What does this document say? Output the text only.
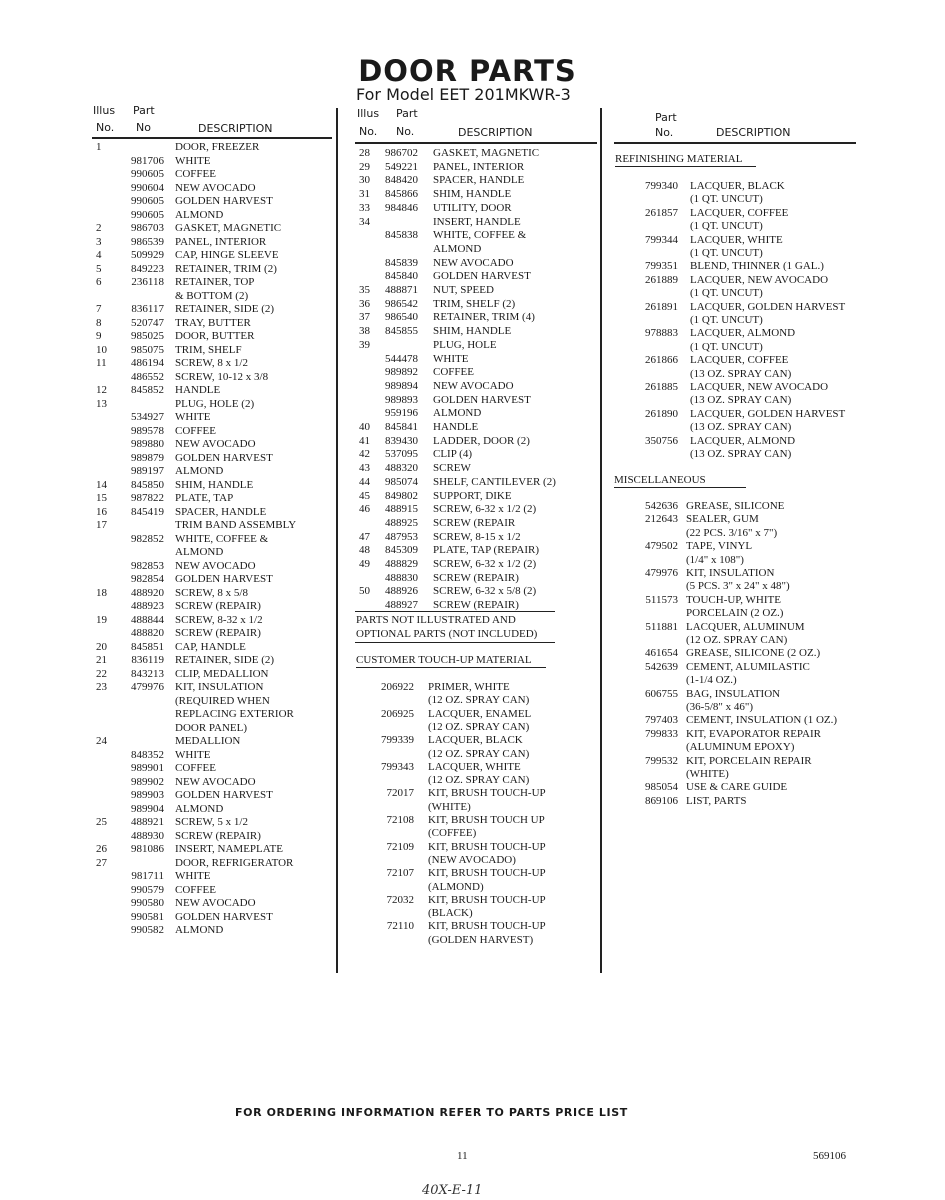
DOOR PARTS
For Model EET 201MKWR-3
Illus Part
No. No	DESCRIPTION
Illus Part
No. No.	DESCRIPTION
Part
No.	DESCRIPTION
1	DOOR, FREEZER
981706 WHITE
990605 COFFEE
990604 NEW AVOCADO
990605 GOLDEN HARVEST
990605 ALMOND
2	986703 GASKET, MAGNETIC
3	986539 PANEL, INTERIOR
4	509929 CAP, HINGE SLEEVE
5	849223 RETAINER, TRIM (2)
6	236118 RETAINER, TOP
& BOTTOM (2)
7	836117 RETAINER, SIDE (2)
8	520747 TRAY, BUTTER
9	985025 DOOR, BUTTER
10	985075 TRIM, SHELF
11	486194 SCREW, 8 x 1/2
486552 SCREW, 10-12 x 3/8
12	845852 HANDLE
13	PLUG, HOLE (2)
534927 WHITE
989578 COFFEE
989880 NEW AVOCADO
989879 GOLDEN HARVEST
989197 ALMOND
14	845850 SHIM, HANDLE
15	987822 PLATE, TAP
16	845419 SPACER, HANDLE
17	TRIM BAND ASSEMBLY
982852 WHITE, COFFEE &
ALMOND
982853 NEW AVOCADO
982854 GOLDEN HARVEST
18	488920 SCREW, 8 x 5/8
488923 SCREW (REPAIR)
19	488844 SCREW, 8-32 x 1/2
488820 SCREW (REPAIR)
20	845851 CAP, HANDLE
21	836119 RETAINER, SIDE (2)
22	843213 CLIP, MEDALLION
23	479976 KIT, INSULATION
(REQUIRED WHEN
REPLACING EXTERIOR
DOOR PANEL)
24	MEDALLION
848352 WHITE
989901 COFFEE
989902 NEW AVOCADO
989903 GOLDEN HARVEST
989904 ALMOND
25	488921 SCREW, 5 x 1/2
488930 SCREW (REPAIR)
26	981086 INSERT, NAMEPLATE
27	DOOR, REFRIGERATOR
981711 WHITE
990579 COFFEE
990580 NEW AVOCADO
990581 GOLDEN HARVEST
990582 ALMOND
28	986702 GASKET, MAGNETIC
29	549221 PANEL, INTERIOR
30	848420 SPACER, HANDLE
31	845866 SHIM, HANDLE
33	984846 UTILITY, DOOR
34	INSERT, HANDLE
845838 WHITE, COFFEE &
ALMOND
845839 NEW AVOCADO
845840 GOLDEN HARVEST
35	488871 NUT, SPEED
36	986542 TRIM, SHELF (2)
37	986540 RETAINER, TRIM (4)
38	845855 SHIM, HANDLE
39	PLUG, HOLE
544478 WHITE
989892 COFFEE
989894 NEW AVOCADO
989893 GOLDEN HARVEST
959196 ALMOND
40	845841 HANDLE
41	839430 LADDER, DOOR (2)
42	537095 CLIP (4)
43	488320 SCREW
44	985074 SHELF, CANTILEVER (2)
45	849802 SUPPORT, DIKE
46	488915 SCREW, 6-32 x 1/2 (2)
488925 SCREW (REPAIR
47	487953 SCREW, 8-15 x 1/2
48	845309 PLATE, TAP (REPAIR)
49	488829 SCREW, 6-32 x 1/2 (2)
488830 SCREW (REPAIR)
50	488926 SCREW, 6-32 x 5/8 (2)
488927 SCREW (REPAIR)
206922 PRIMER, WHITE
(12 OZ. SPRAY CAN)
206925 LACQUER, ENAMEL
(12 OZ. SPRAY CAN)
799339 LACQUER, BLACK
(12 OZ. SPRAY CAN)
799343 LACQUER, WHITE
(12 OZ. SPRAY CAN)
72017 KIT, BRUSH TOUCH-UP
(WHITE)
72108 KIT, BRUSH TOUCH UP
(COFFEE)
72109 KIT, BRUSH TOUCH-UP
(NEW AVOCADO)
72107 KIT, BRUSH TOUCH-UP
(ALMOND)
72032 KIT, BRUSH TOUCH-UP
(BLACK)
72110 KIT, BRUSH TOUCH-UP
(GOLDEN HARVEST)
799340 LACQUER, BLACK
(1 QT. UNCUT)
261857 LACQUER, COFFEE
(1 QT. UNCUT)
799344 LACQUER, WHITE
(1 QT. UNCUT)
799351 BLEND, THINNER (1 GAL.)
261889 LACQUER, NEW AVOCADO
(1 QT. UNCUT)
261891 LACQUER, GOLDEN HARVEST
(1 QT. UNCUT)
978883 LACQUER, ALMOND
(1 QT. UNCUT)
261866 LACQUER, COFFEE
(13 OZ. SPRAY CAN)
261885 LACQUER, NEW AVOCADO
(13 OZ. SPRAY CAN)
261890 LACQUER, GOLDEN HARVEST
(13 OZ. SPRAY CAN)
350756 LACQUER, ALMOND
(13 OZ. SPRAY CAN)
542636 GREASE, SILICONE
212643 SEALER, GUM
(22 PCS. 3/16" x 7")
479502 TAPE, VINYL
(1/4" x 108")
479976 KIT, INSULATION
(5 PCS. 3" x 24" x 48")
511573 TOUCH-UP, WHITE
PORCELAIN (2 OZ.)
511881 LACQUER, ALUMINUM
(12 OZ. SPRAY CAN)
461654 GREASE, SILICONE (2 OZ.)
542639 CEMENT, ALUMILASTIC
(1-1/4 OZ.)
606755 BAG, INSULATION
(36-5/8" x 46")
797403 CEMENT, INSULATION (1 OZ.)
799833 KIT, EVAPORATOR REPAIR
(ALUMINUM EPOXY)
799532 KIT, PORCELAIN REPAIR
(WHITE)
985054 USE & CARE GUIDE
869106 LIST, PARTS
PARTS NOT ILLUSTRATED AND
OPTIONAL PARTS (NOT INCLUDED)
CUSTOMER TOUCH-UP MATERIAL
REFINISHING MATERIAL
MISCELLANEOUS
FOR ORDERING INFORMATION REFER TO PARTS PRICE LIST
11	569106
40X-E-11
